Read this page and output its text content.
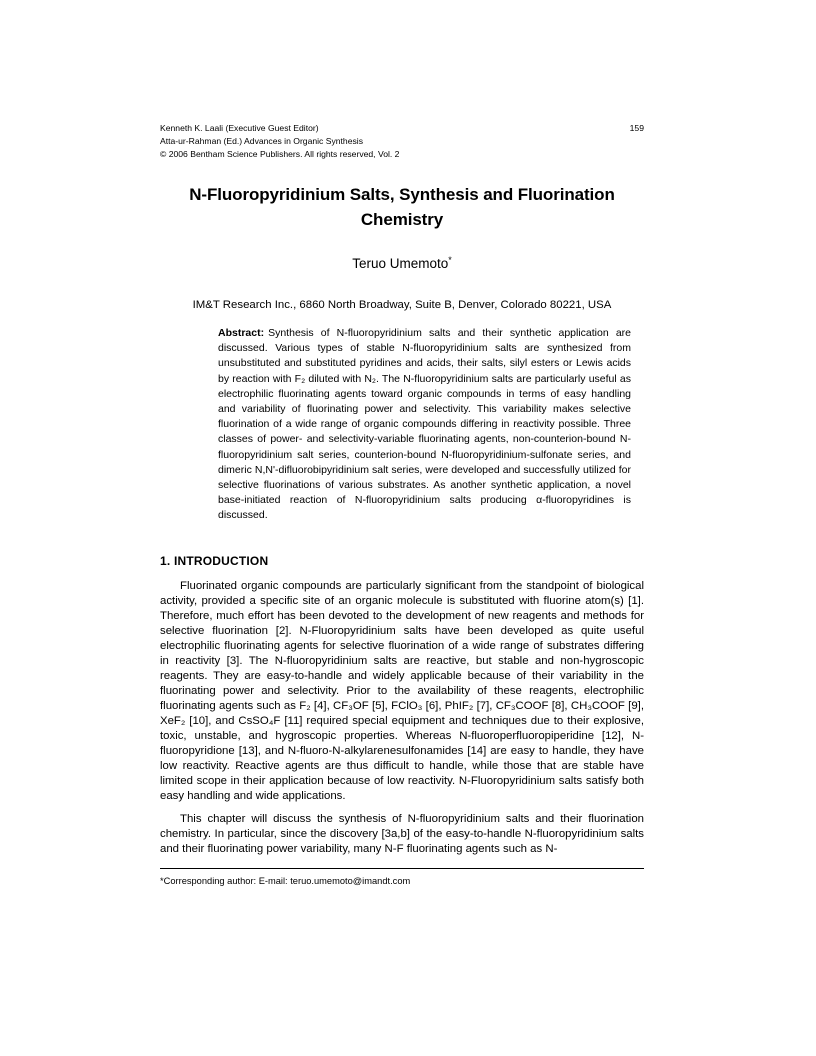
Kenneth K. Laali (Executive Guest Editor)	159
Atta-ur-Rahman (Ed.) Advances in Organic Synthesis
© 2006 Bentham Science Publishers. All rights reserved, Vol. 2
N-Fluoropyridinium Salts, Synthesis and Fluorination Chemistry
Teruo Umemoto*
IM&T Research Inc., 6860 North Broadway, Suite B, Denver, Colorado 80221, USA

Abstract: Synthesis of N-fluoropyridinium salts and their synthetic application are discussed. Various types of stable N-fluoropyridinium salts are synthesized from unsubstituted and substituted pyridines and acids, their salts, silyl esters or Lewis acids by reaction with F₂ diluted with N₂. The N-fluoropyridinium salts are particularly useful as electrophilic fluorinating agents toward organic compounds in terms of easy handling and variability of fluorinating power and selectivity. This variability makes selective fluorination of a wide range of organic compounds differing in reactivity possible. Three classes of power- and selectivity-variable fluorinating agents, non-counterion-bound N-fluoropyridinium salt series, counterion-bound N-fluoropyridinium-sulfonate series, and dimeric N,N'-difluorobipyridinium salt series, were developed and successfully utilized for selective fluorinations of various substrates. As another synthetic application, a novel base-initiated reaction of N-fluoropyridinium salts producing α-fluoropyridines is discussed.

1. INTRODUCTION

Fluorinated organic compounds are particularly significant from the standpoint of biological activity, provided a specific site of an organic molecule is substituted with fluorine atom(s) [1]. Therefore, much effort has been devoted to the development of new reagents and methods for selective fluorination [2]. N-Fluoropyridinium salts have been developed as quite useful electrophilic fluorinating agents for selective fluorination of a wide range of substrates differing in reactivity [3]. The N-fluoropyridinium salts are reactive, but stable and non-hygroscopic reagents. They are easy-to-handle and widely applicable because of their variability in the fluorinating power and selectivity. Prior to the availability of these reagents, electrophilic fluorinating agents such as F₂ [4], CF₃OF [5], FClO₃ [6], PhIF₂ [7], CF₃COOF [8], CH₃COOF [9], XeF₂ [10], and CsSO₄F [11] required special equipment and techniques due to their explosive, toxic, unstable, and hygroscopic properties. Whereas N-fluoroperfluoropiperidine [12], N-fluoropyridione [13], and N-fluoro-N-alkylarenesulfonamides [14] are easy to handle, they have low reactivity. Reactive agents are thus difficult to handle, while those that are stable have limited scope in their application because of low reactivity. N-Fluoropyridinium salts satisfy both easy handling and wide applications.

This chapter will discuss the synthesis of N-fluoropyridinium salts and their fluorination chemistry. In particular, since the discovery [3a,b] of the easy-to-handle N-fluoropyridinium salts and their fluorinating power variability, many N-F fluorinating agents such as N-

*Corresponding author: E-mail: teruo.umemoto@imandt.com
